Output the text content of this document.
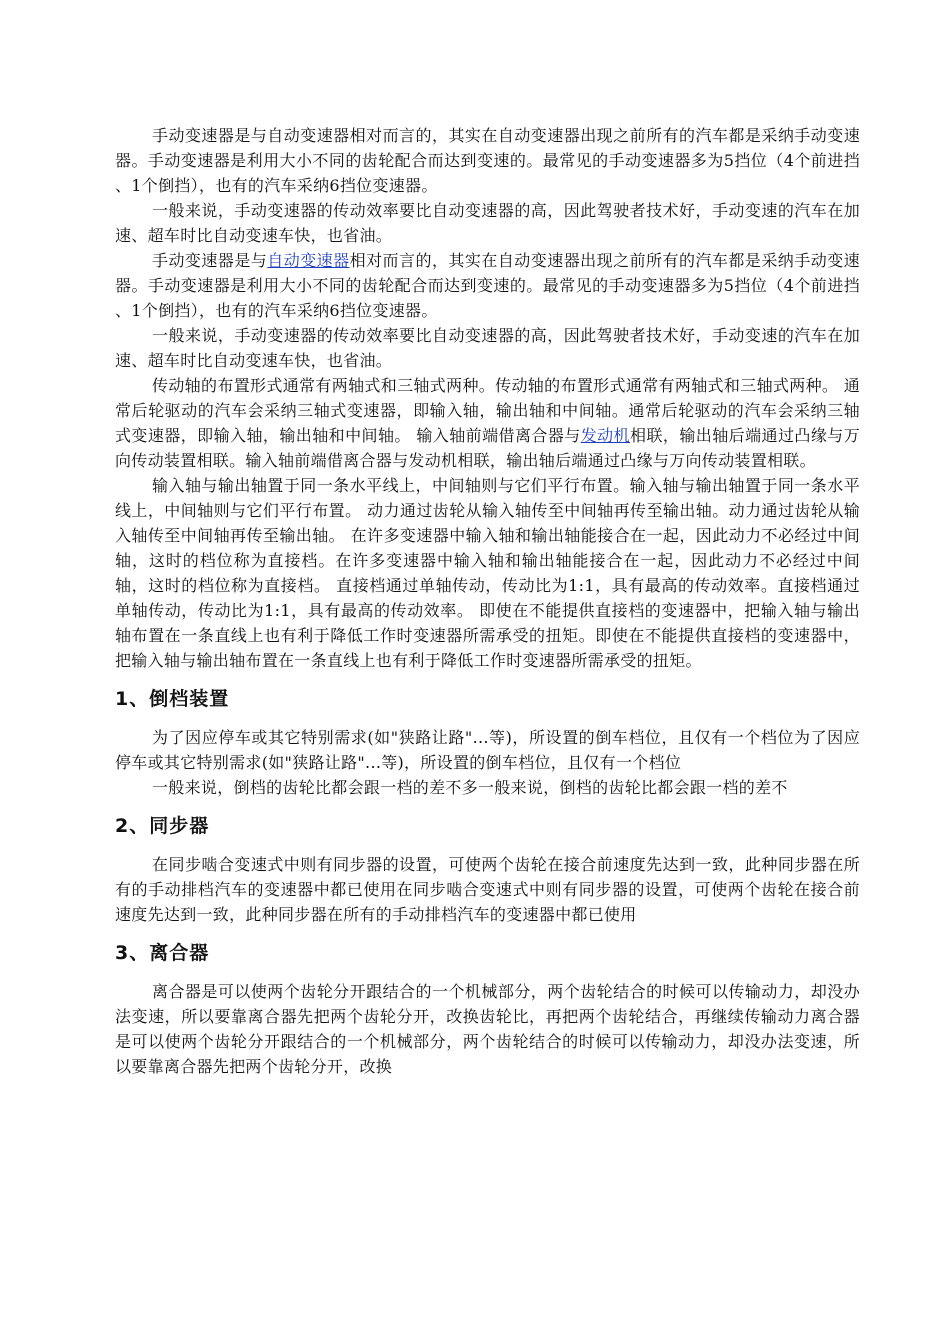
手动变速器是与自动变速器相对而言的，其实在自动变速器出现之前所有的汽车都是采纳手动变速器。手动变速器是利用大小不同的齿轮配合而达到变速的。最常见的手动变速器多为5挡位（4个前进挡 、1个倒挡），也有的汽车采纳6挡位变速器。

一般来说，手动变速器的传动效率要比自动变速器的高，因此驾驶者技术好，手动变速的汽车在加速、超车时比自动变速车快，也省油。

手动变速器是与自动变速器相对而言的，其实在自动变速器出现之前所有的汽车都是采纳手动变速器。手动变速器是利用大小不同的齿轮配合而达到变速的。最常见的手动变速器多为5挡位（4个前进挡 、1个倒挡），也有的汽车采纳6挡位变速器。

一般来说，手动变速器的传动效率要比自动变速器的高，因此驾驶者技术好，手动变速的汽车在加速、超车时比自动变速车快，也省油。

传动轴的布置形式通常有两轴式和三轴式两种。传动轴的布置形式通常有两轴式和三轴式两种。 通常后轮驱动的汽车会采纳三轴式变速器，即输入轴，输出轴和中间轴。通常后轮驱动的汽车会采纳三轴式变速器，即输入轴，输出轴和中间轴。 输入轴前端借离合器与发动机相联，输出轴后端通过凸缘与万向传动装置相联。输入轴前端借离合器与发动机相联，输出轴后端通过凸缘与万向传动装置相联。

输入轴与输出轴置于同一条水平线上，中间轴则与它们平行布置。输入轴与输出轴置于同一条水平线上，中间轴则与它们平行布置。 动力通过齿轮从输入轴传至中间轴再传至输出轴。动力通过齿轮从输入轴传至中间轴再传至输出轴。 在许多变速器中输入轴和输出轴能接合在一起，因此动力不必经过中间轴，这时的档位称为直接档。在许多变速器中输入轴和输出轴能接合在一起，因此动力不必经过中间轴，这时的档位称为直接档。 直接档通过单轴传动，传动比为1:1，具有最高的传动效率。直接档通过单轴传动，传动比为1:1，具有最高的传动效率。 即使在不能提供直接档的变速器中，把输入轴与输出轴布置在一条直线上也有利于降低工作时变速器所需承受的扭矩。即使在不能提供直接档的变速器中，把输入轴与输出轴布置在一条直线上也有利于降低工作时变速器所需承受的扭矩。

1、倒档装置

为了因应停车或其它特别需求(如"狭路让路"...等)，所设置的倒车档位，且仅有一个档位为了因应停车或其它特别需求(如"狭路让路"...等)，所设置的倒车档位，且仅有一个档位

一般来说，倒档的齿轮比都会跟一档的差不多一般来说，倒档的齿轮比都会跟一档的差不

2、同步器

在同步啮合变速式中则有同步器的设置，可使两个齿轮在接合前速度先达到一致，此种同步器在所有的手动排档汽车的变速器中都已使用在同步啮合变速式中则有同步器的设置，可使两个齿轮在接合前速度先达到一致，此种同步器在所有的手动排档汽车的变速器中都已使用

3、离合器

离合器是可以使两个齿轮分开跟结合的一个机械部分，两个齿轮结合的时候可以传输动力，却没办法变速，所以要靠离合器先把两个齿轮分开，改换齿轮比，再把两个齿轮结合，再继续传输动力离合器是可以使两个齿轮分开跟结合的一个机械部分，两个齿轮结合的时候可以传输动力，却没办法变速，所以要靠离合器先把两个齿轮分开，改换
